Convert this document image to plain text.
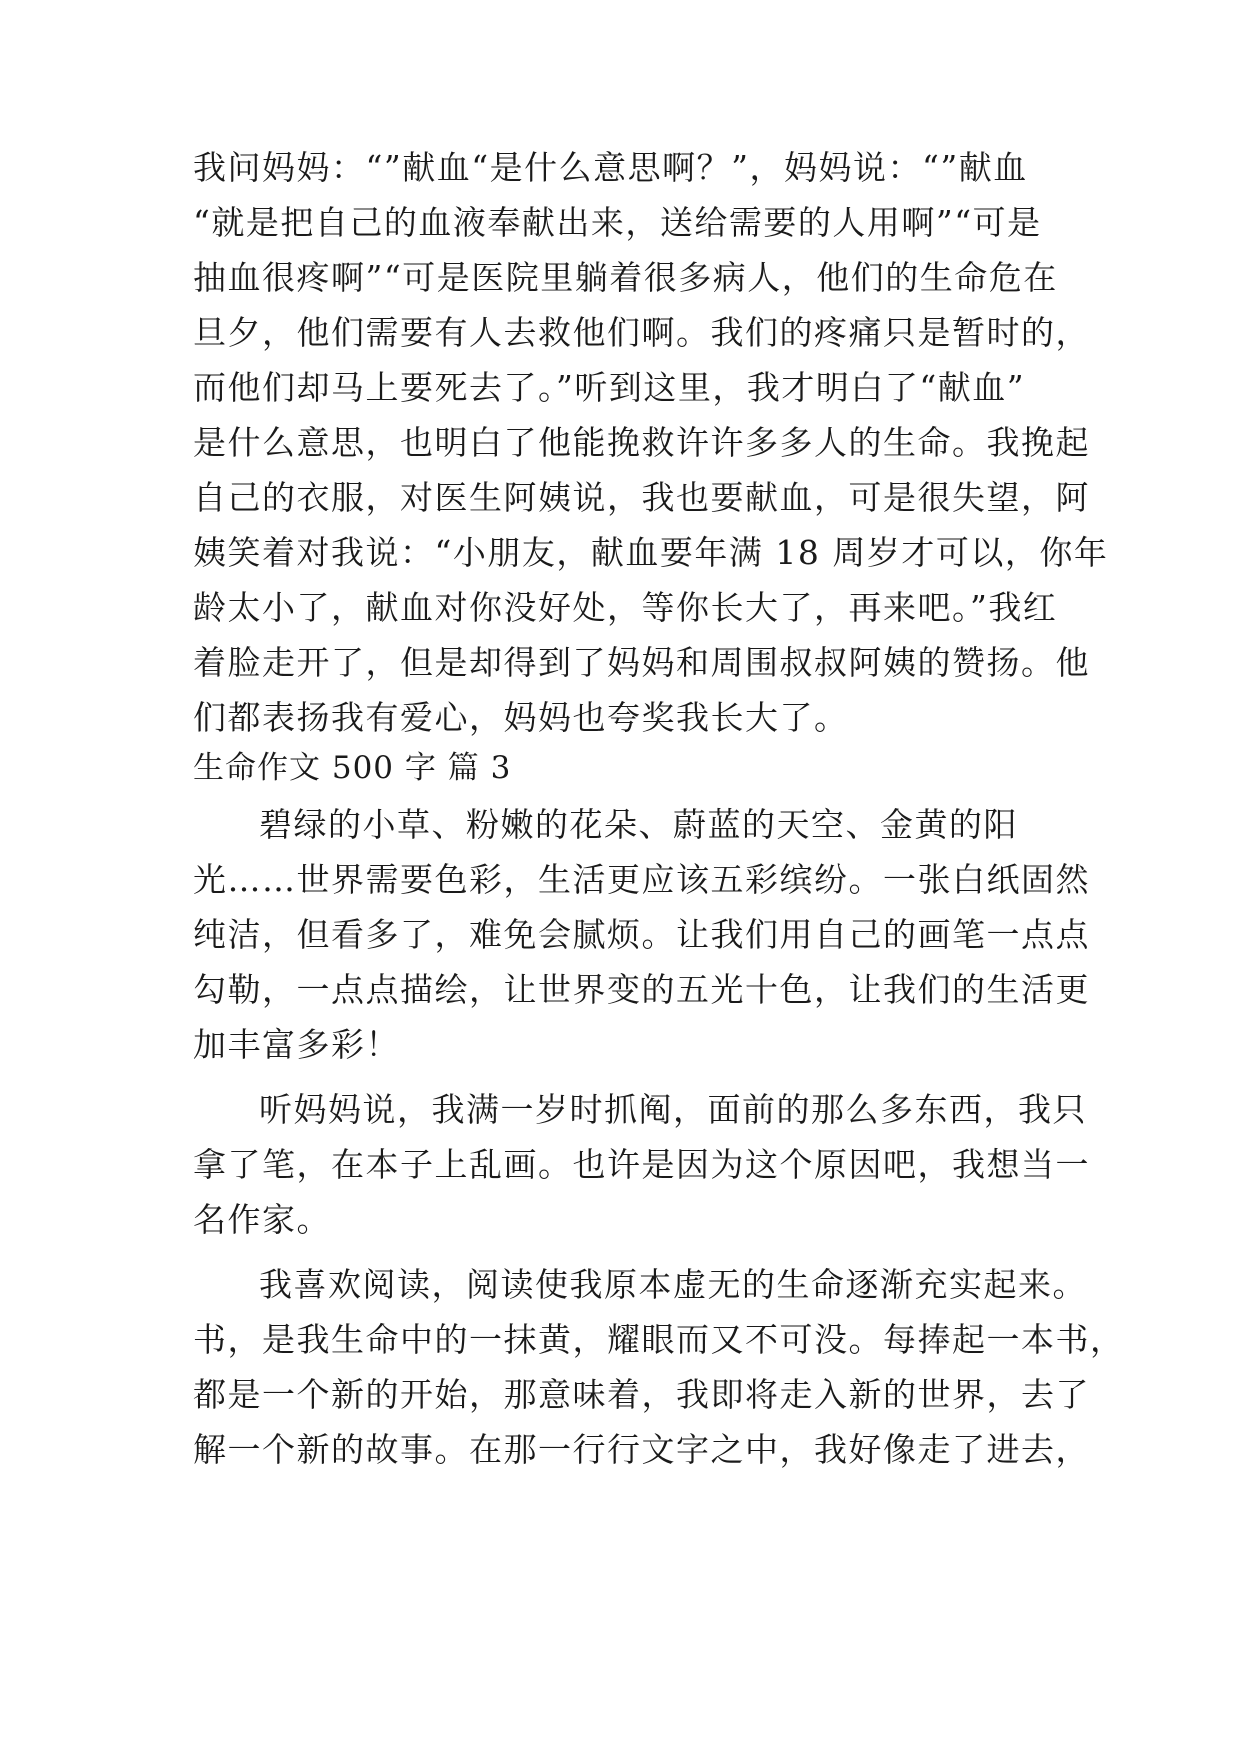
我问妈妈：“”献血“是什么意思啊？”，妈妈说：“”献血
“就是把自己的血液奉献出来，送给需要的人用啊”“可是
抽血很疼啊”“可是医院里躺着很多病人，他们的生命危在
旦夕，他们需要有人去救他们啊。我们的疼痛只是暂时的，
而他们却马上要死去了。”听到这里，我才明白了“献血”
是什么意思，也明白了他能挽救许许多多人的生命。我挽起
自己的衣服，对医生阿姨说，我也要献血，可是很失望，阿
姨笑着对我说：“小朋友，献血要年满 18 周岁才可以，你年
龄太小了，献血对你没好处，等你长大了，再来吧。”我红
着脸走开了，但是却得到了妈妈和周围叔叔阿姨的赞扬。他
们都表扬我有爱心，妈妈也夸奖我长大了。
生命作文 500 字 篇 3
碧绿的小草、粉嫩的花朵、蔚蓝的天空、金黄的阳
光……世界需要色彩，生活更应该五彩缤纷。一张白纸固然
纯洁，但看多了，难免会腻烦。让我们用自己的画笔一点点
勾勒，一点点描绘，让世界变的五光十色，让我们的生活更
加丰富多彩！
听妈妈说，我满一岁时抓阄，面前的那么多东西，我只
拿了笔，在本子上乱画。也许是因为这个原因吧，我想当一
名作家。
我喜欢阅读，阅读使我原本虚无的生命逐渐充实起来。
书，是我生命中的一抹黄，耀眼而又不可没。每捧起一本书，
都是一个新的开始，那意味着，我即将走入新的世界，去了
解一个新的故事。在那一行行文字之中，我好像走了进去，
